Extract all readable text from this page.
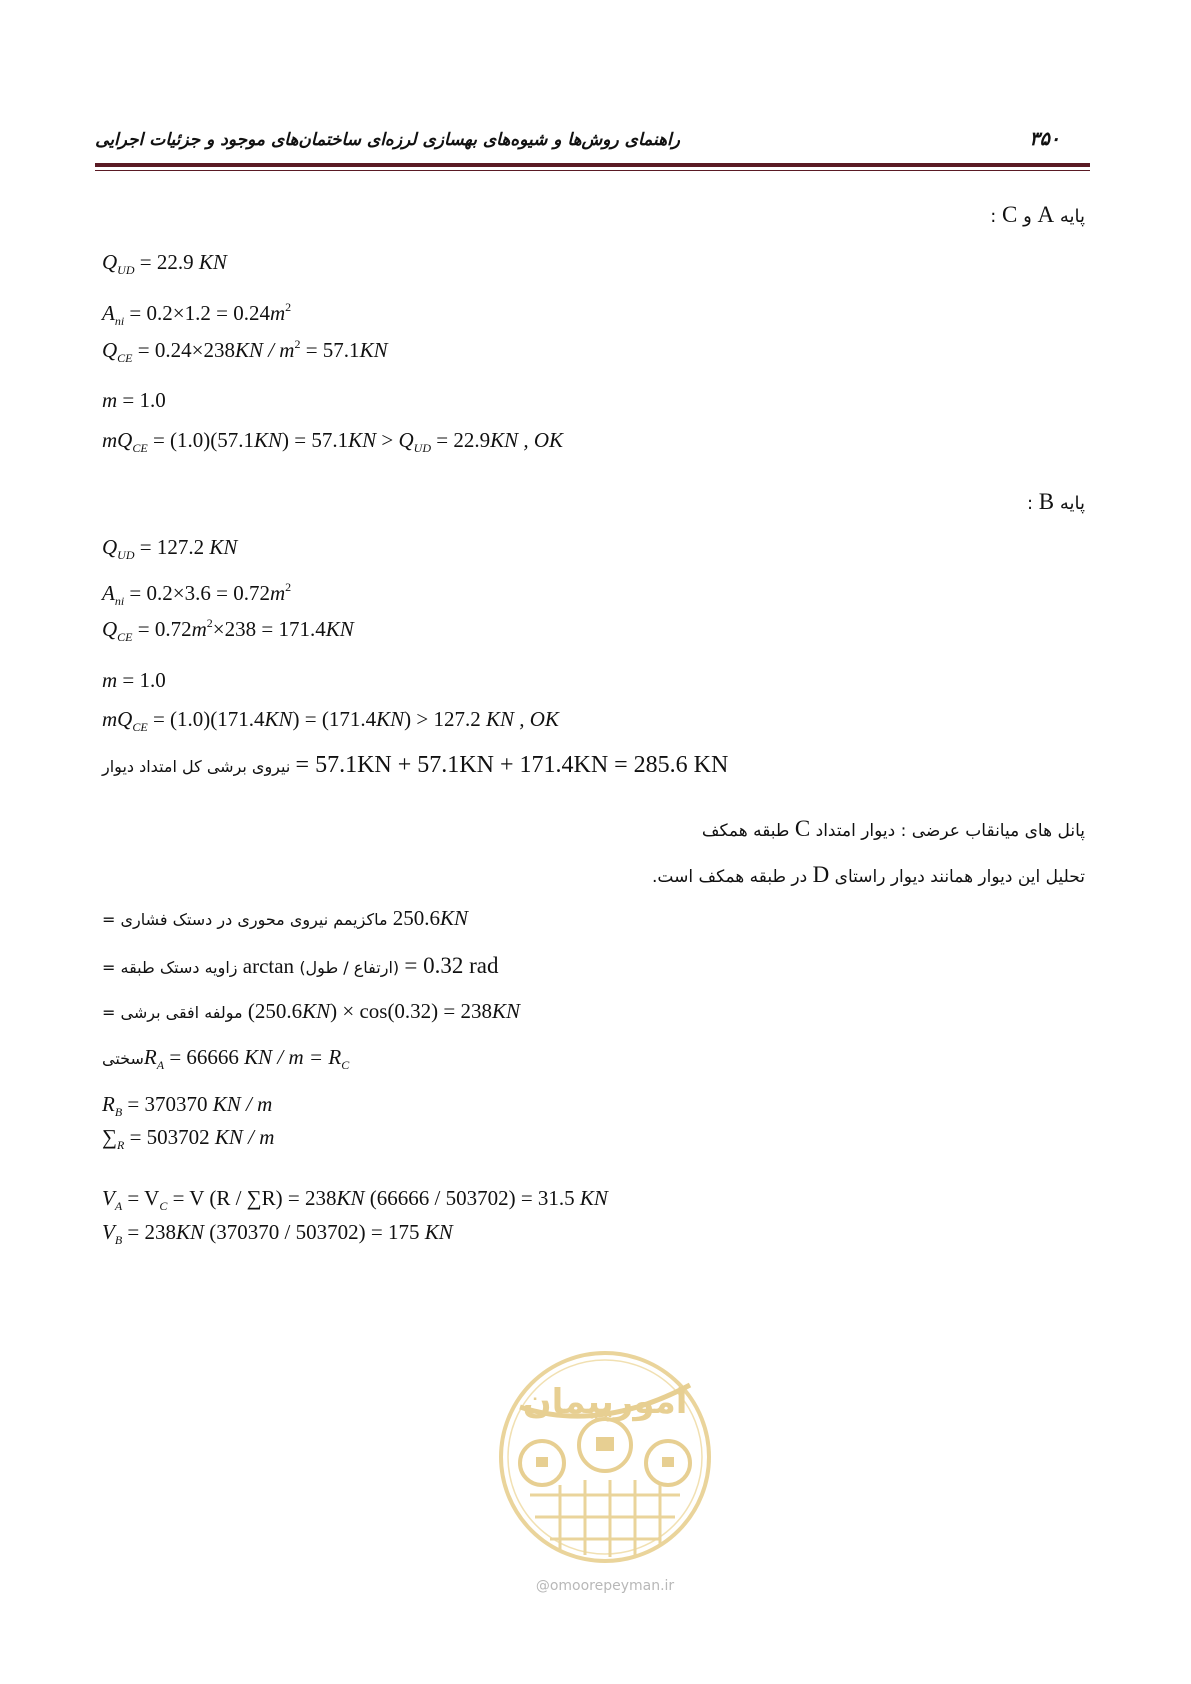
راهنمای روش‌ها و شیوه‌های بهسازی لرزه‌ای ساختمان‌های موجود و جزئیات اجرایی	۳۵۰
پایه A و C :
$Q_{UD} = 22.9$ KN
$A_{ni} = 0.2\times 1.2 = 0.24m^2$
$Q_{CE} = 0.24\times 238KN / m^2 = 57.1KN$
m = 1.0
$mQ_{CE} = (1.0)(57.1KN) = 57.1KN > Q_{UD} = 22.9KN$ , OK
پایه B :
$Q_{UD} = 127.2$ KN
$A_{ni} = 0.2\times 3.6 = 0.72m^2$
$Q_{CE} = 0.72m^2\times 238 = 171.4KN$
m = 1.0
$mQ_{CE} = (1.0)(171.4KN) = (171.4KN) > 127.2$ KN , OK
نیروی برشی کل امتداد دیوار = 57.1KN + 57.1KN + 171.4KN = 285.6 KN
پانل های میانقاب عرضی : دیوار امتداد C طبقه همکف
تحلیل این دیوار همانند دیوار راستای D در طبقه همکف است.
ماکزیمم نیروی محوری در دستک فشاری = 250.6KN
زاویه دستک طبقه = arctan (ارتفاع / طول) = 0.32 rad
مولفه افقی برشی = (250.6KN) × cos(0.32) = 238KN
سختیR$_A$ = 66666 KN / $m = R_C$
$R_B = 370370$ KN / m
$\sum_R = 503702$ KN / m
$V_A = V_C = V$ (R / ∑R) = 238KN (66666 / 503702) = 31.5 KN
$V_B = 238KN$ (370370 / 503702) = 175 KN
امورپیمان
@omoorepeyman.ir
